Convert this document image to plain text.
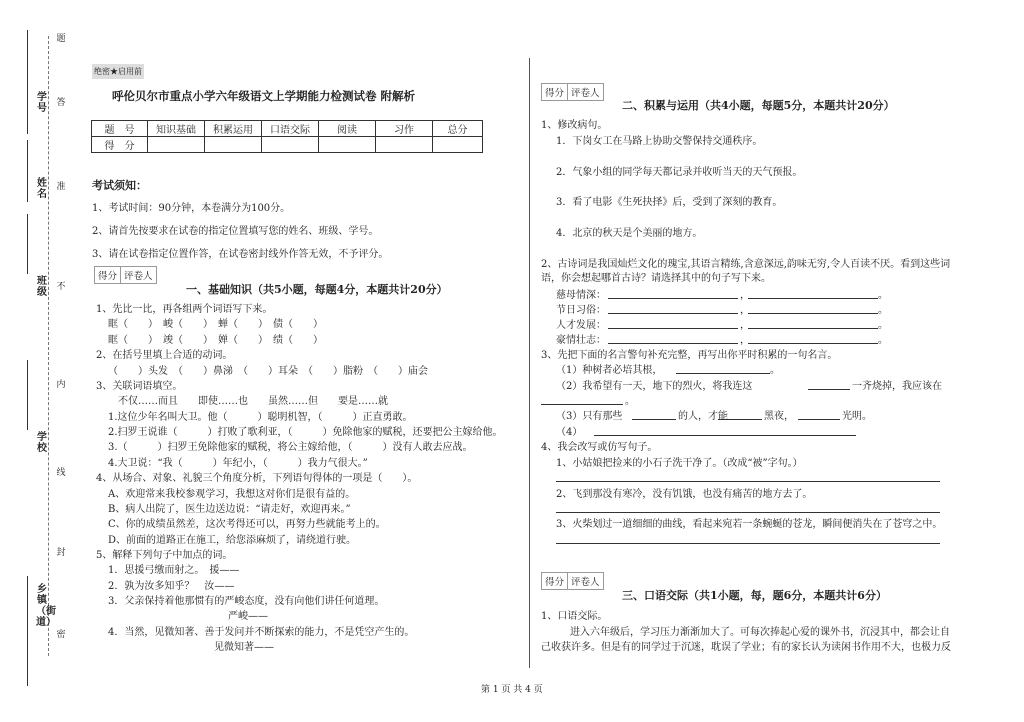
题
学号 答
姓名
准
班级 不
内
学校
线
封
乡镇（街道）
密
绝密★启用前
呼伦贝尔市重点小学六年级语文上学期能力检测试卷 附解析
题　号	知识基础	积累运用	口语交际	阅读	习作	总分
得　分						
考试须知：
1、考试时间：90分钟，本卷满分为100分。
2、请首先按要求在试卷的指定位置填写您的姓名、班级、学号。
3、请在试卷指定位置作答，在试卷密封线外作答无效，不予评分。
得分 评卷人
一、基础知识（共5小题，每题4分，本题共计20分）
1、先比一比，再各组两个词语写下来。
眶（　　）　峻（　　）　蝉（　　）　债（　　）
眶（　　）　竣（　　）　婵（　　）　绩（　　）
2、在括号里填上合适的动词。
（　　）头发　（　　）鼻涕　（　　）耳朵　（　　）脂粉　（　　）庙会
3、关联词语填空。
不仅……而且　　即使……也　　虽然……但　　要是……就
1.这位少年名叫大卫。他（　　　）聪明机智，（　　　）正直勇敢。
2.扫罗王说谁（　　　）打败了歌利亚，（　　　）免除他家的赋税，还要把公主嫁给他。
3.（　　　）扫罗王免除他家的赋税，将公主嫁给他，（　　　）没有人敢去应战。
4.大卫说：“我（　　　）年纪小，（　　　）我力气很大。”
4、从场合、对象、礼貌三个角度分析，下列语句得体的一项是（　　）。
A、欢迎常来我校参观学习，我想这对你们是很有益的。
B、病人出院了，医生边送边说：“请走好，欢迎再来。”
C、你的成绩虽然差，这次考得还可以，再努力些就能考上的。
D、前面的道路正在施工，给您添麻烦了，请绕道行驶。
5、解释下列句子中加点的词。
1．思援弓缴而射之。　援——
2．孰为汝多知乎？　汝——
3．父亲保持着他那惯有的严峻态度，没有向他们讲任何道理。
严峻——
4．当然，见微知著、善于发问并不断探索的能力，不是凭空产生的。
见微知著——
得分 评卷人
二、积累与运用（共4小题，每题5分，本题共计20分）
1、修改病句。
1．下岗女工在马路上协助交警保持交通秩序。
2．气象小组的同学每天都记录并收听当天的天气预报。
3．看了电影《生死抉择》后，受到了深刻的教育。
4．北京的秋天是个美丽的地方。
2、古诗词是我国灿烂文化的瑰宝,其语言精练,含意深远,韵味无穷,令人百读不厌。看到这些词
语，你会想起哪首古诗？请选择其中的句子写下来。
慈母情深：	，	。
节日习俗：	，	。
人才发展：	，	。
豪情壮志：	，	。
3、先把下面的名言警句补充完整，再写出你平时积累的一句名言。
（1）种树者必培其根，	。
（2）我希望有一天，地下的烈火，将我连这	一齐烧掉，我应该在
。
（3）只有那些	的人，才能	黑夜，	光明。
（4）
4、我会改写或仿写句子。
1、小姑娘把捡来的小石子洗干净了。（改成“被”字句。）
2、飞到那没有寒冷，没有饥饿，也没有痛苦的地方去了。
3、火柴划过一道细细的曲线，看起来宛若一条蜿蜒的苍龙，瞬间便消失在了苍穹之中。
得分 评卷人
三、口语交际（共1小题，每，题6分，本题共计6分）
1、口语交际。
进入六年级后，学习压力渐渐加大了。可每次捧起心爱的课外书，沉浸其中，都会让自
己收获许多。但是有的同学过于沉迷，耽误了学业；有的家长认为读闲书作用不大，也极力反
第 1 页 共 4 页
